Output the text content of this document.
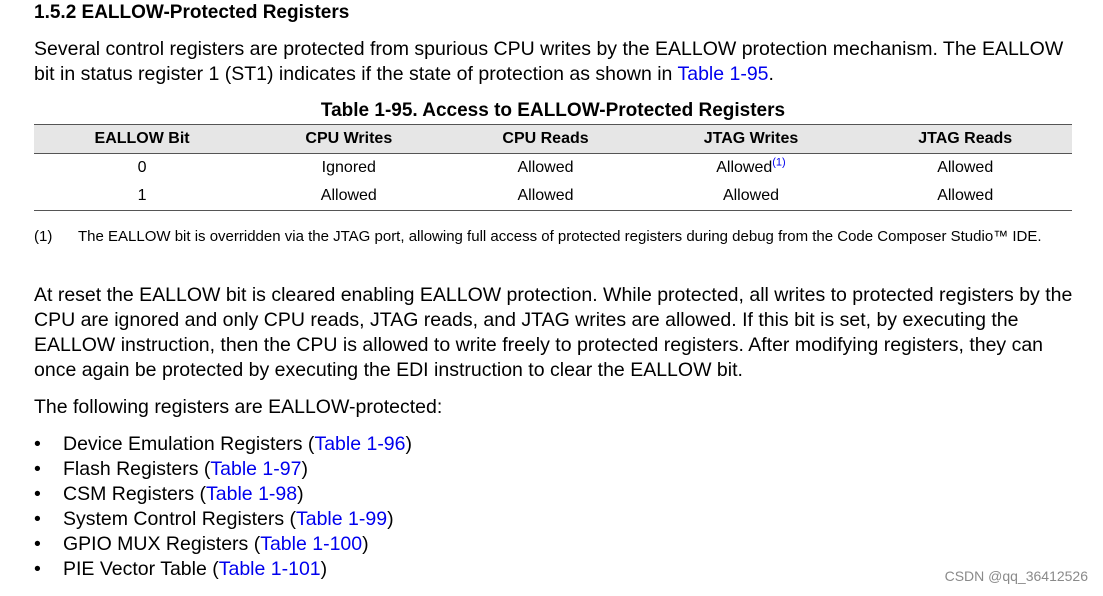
1.5.2 EALLOW-Protected Registers
Several control registers are protected from spurious CPU writes by the EALLOW protection mechanism. The EALLOW bit in status register 1 (ST1) indicates if the state of protection as shown in Table 1-95.
Table 1-95. Access to EALLOW-Protected Registers
EALLOW Bit	CPU Writes	CPU Reads	JTAG Writes	JTAG Reads
0	Ignored	Allowed	Allowed$^{(1)}$	Allowed
1	Allowed	Allowed	Allowed	Allowed
(1) The EALLOW bit is overridden via the JTAG port, allowing full access of protected registers during debug from the Code Composer Studio™ IDE.
At reset the EALLOW bit is cleared enabling EALLOW protection. While protected, all writes to protected registers by the CPU are ignored and only CPU reads, JTAG reads, and JTAG writes are allowed. If this bit is set, by executing the EALLOW instruction, then the CPU is allowed to write freely to protected registers. After modifying registers, they can once again be protected by executing the EDI instruction to clear the EALLOW bit.
The following registers are EALLOW-protected:
• Device Emulation Registers (Table 1-96)
• Flash Registers (Table 1-97)
• CSM Registers (Table 1-98)
• System Control Registers (Table 1-99)
• GPIO MUX Registers (Table 1-100)
• PIE Vector Table (Table 1-101)	CSDN @qq_36412526
